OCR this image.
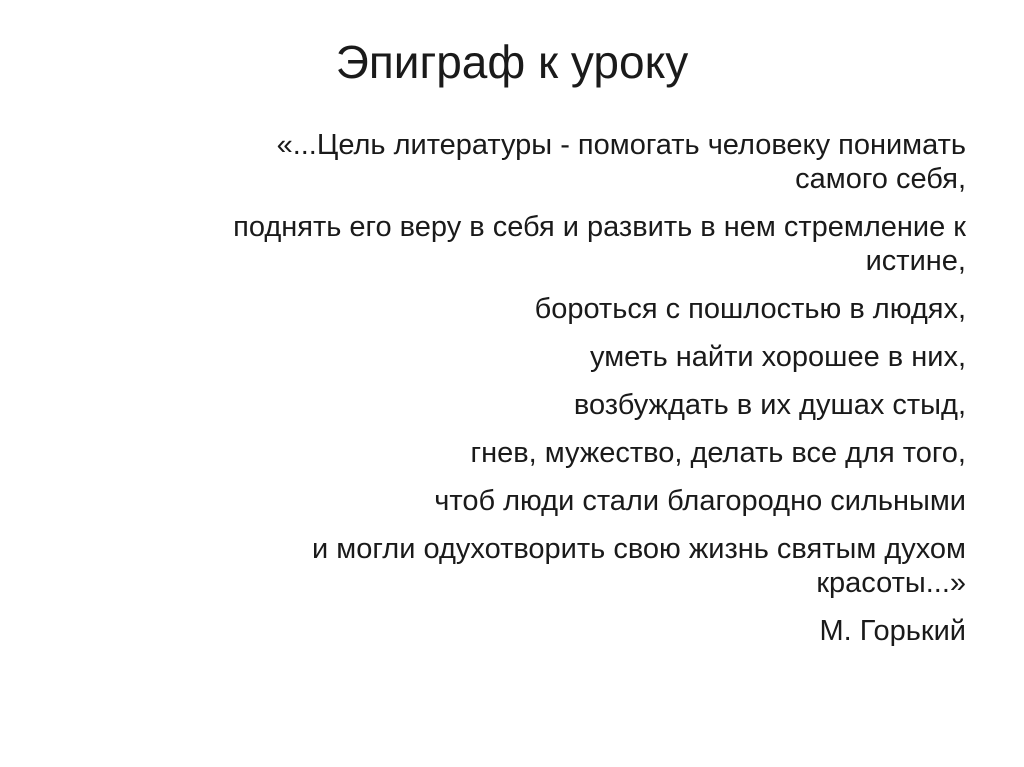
Эпиграф к уроку
«...Цель литературы - помогать человеку понимать
самого себя,
поднять его веру в себя и развить в нем стремление к
истине,
бороться с пошлостью в людях,
уметь найти хорошее в них,
возбуждать в их душах стыд,
гнев, мужество, делать все для того,
чтоб люди стали благородно сильными
и могли одухотворить свою жизнь святым духом
красоты...»
М. Горький
